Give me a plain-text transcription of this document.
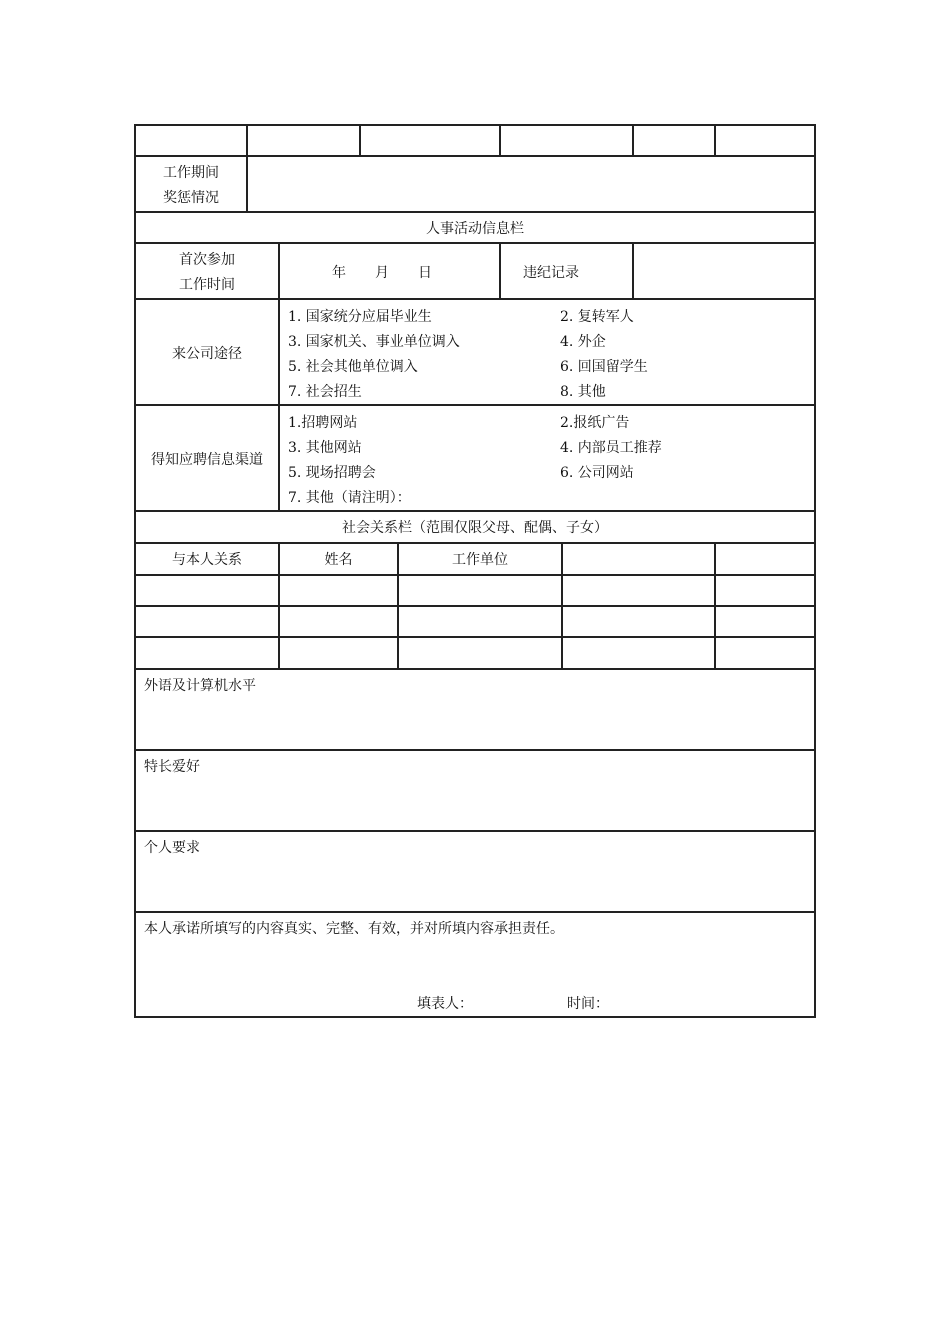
工作期间
奖惩情况
人事活动信息栏
首次参加
工作时间
年 月 日	违纪记录
来公司途径
1. 国家统分应届毕业生	2. 复转军人
3. 国家机关、事业单位调入	4. 外企
5. 社会其他单位调入	6. 回国留学生
7. 社会招生	8. 其他
得知应聘信息渠道
1.招聘网站	2.报纸广告
3. 其他网站	4. 内部员工推荐
5. 现场招聘会	6. 公司网站
7. 其他（请注明）：
社会关系栏（范围仅限父母、配偶、子女）
与本人关系	姓名	工作单位
外语及计算机水平
特长爱好
个人要求
本人承诺所填写的内容真实、完整、有效，并对所填内容承担责任。
填表人：	时间：
